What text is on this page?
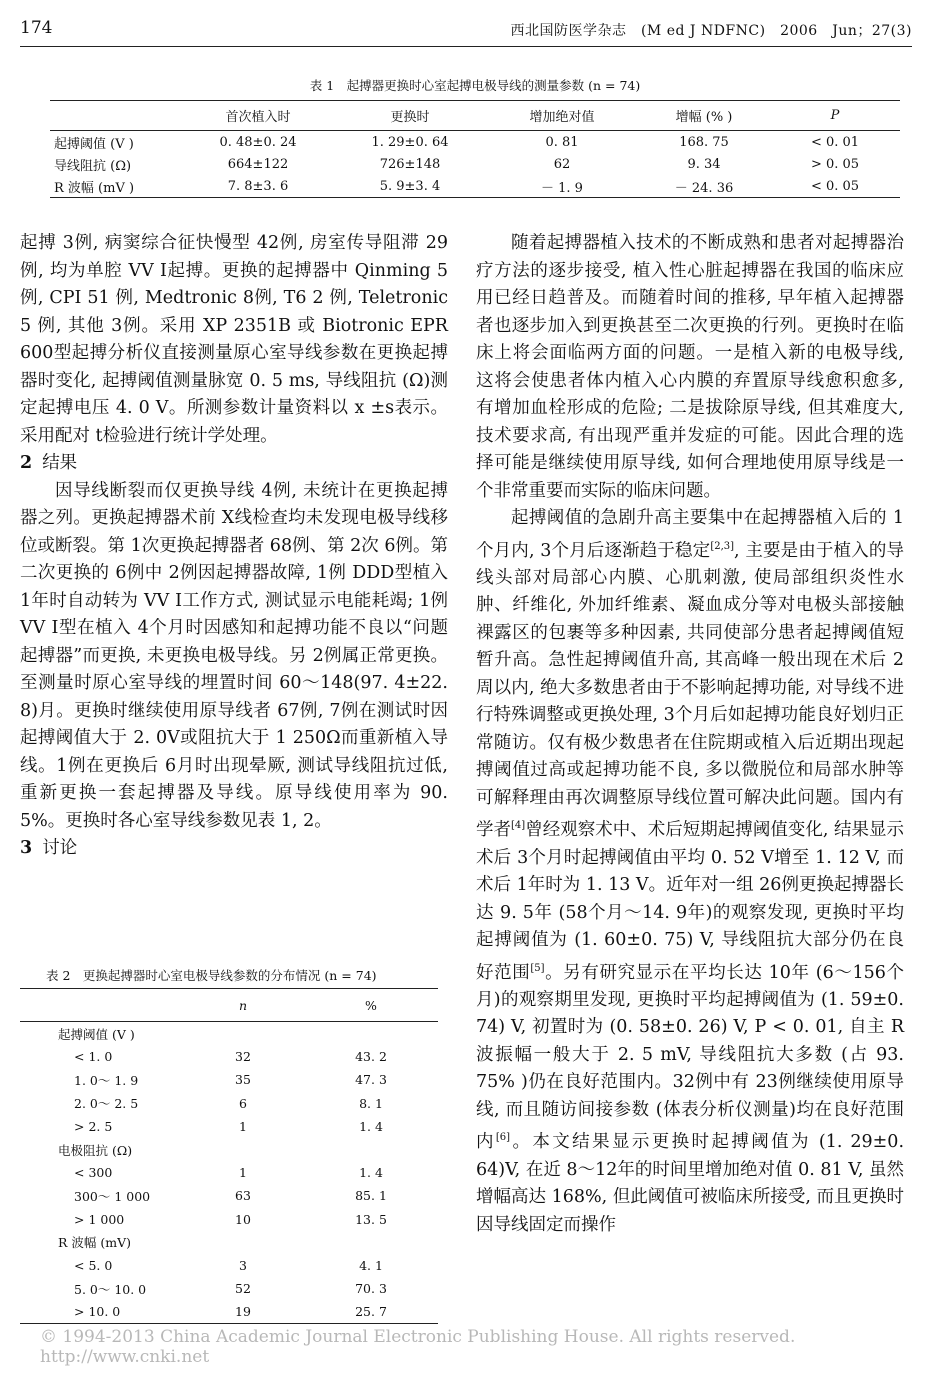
174	西北国防医学杂志　(M ed J NDFNC)　2006　Jun；27(3)
表 1　起搏器更换时心室起搏电极导线的测量参数 (n = 74)
	首次植入时	更换时	增加绝对值	增幅 (% )	P
起搏阈值 (V )	0. 48±0. 24	1. 29±0. 64	0. 81	168. 75	< 0. 01
导线阻抗 (Ω)	664±122	726±148	62	9. 34	> 0. 05
R 波幅 (mV )	7. 8±3. 6	5. 9±3. 4	－ 1. 9	－ 24. 36	< 0. 05

起搏 3例, 病窦综合征快慢型 42例, 房室传导阻滞 29例, 均为单腔 VV I起搏。更换的起搏器中 Qinming 5 例, CPI 51 例, Medtronic 8例, T6 2 例, Teletronic 5 例, 其他 3例。采用 XP 2351B 或 Biotronic EPR 600型起搏分析仪直接测量原心室导线参数在更换起搏器时变化, 起搏阈值测量脉宽 0. 5 ms, 导线阻抗 (Ω)测定起搏电压 4. 0 V。所测参数计量资料以 x ±s表示。采用配对 t检验进行统计学处理。

2 结果

因导线断裂而仅更换导线 4例, 未统计在更换起搏器之列。更换起搏器术前 X线检查均未发现电极导线移位或断裂。第 1次更换起搏器者 68例、第 2次 6例。第二次更换的 6例中 2例因起搏器故障, 1例 DDD型植入 1年时自动转为 VV I工作方式, 测试显示电能耗竭; 1例 VV I型在植入 4个月时因感知和起搏功能不良以“问题起搏器”而更换, 未更换电极导线。另 2例属正常更换。至测量时原心室导线的埋置时间 60～148(97. 4±22. 8)月。更换时继续使用原导线者 67例, 7例在测试时因起搏阈值大于 2. 0V或阻抗大于 1 250Ω而重新植入导线。1例在更换后 6月时出现晕厥, 测试导线阻抗过低, 重新更换一套起搏器及导线。原导线使用率为 90. 5%。更换时各心室导线参数见表 1, 2。

3 讨论
表 2　更换起搏器时心室电极导线参数的分布情况 (n = 74)
	n	%
起搏阈值 (V )		
< 1. 0	32	43. 2
1. 0～ 1. 9	35	47. 3
2. 0～ 2. 5	6	8. 1
> 2. 5	1	1. 4
电极阻抗 (Ω)		
< 300	1	1. 4
300～ 1 000	63	85. 1
> 1 000	10	13. 5
R 波幅 (mV)		
< 5. 0	3	4. 1
5. 0～ 10. 0	52	70. 3
> 10. 0	19	25. 7

随着起搏器植入技术的不断成熟和患者对起搏器治疗方法的逐步接受, 植入性心脏起搏器在我国的临床应用已经日趋普及。而随着时间的推移, 早年植入起搏器者也逐步加入到更换甚至二次更换的行列。更换时在临床上将会面临两方面的问题。一是植入新的电极导线, 这将会使患者体内植入心内膜的弃置原导线愈积愈多, 有增加血栓形成的危险; 二是拔除原导线, 但其难度大, 技术要求高, 有出现严重并发症的可能。因此合理的选择可能是继续使用原导线, 如何合理地使用原导线是一个非常重要而实际的临床问题。

起搏阈值的急剧升高主要集中在起搏器植入后的 1个月内, 3个月后逐渐趋于稳定[2,3], 主要是由于植入的导线头部对局部心内膜、心肌刺激, 使局部组织炎性水肿、纤维化, 外加纤维素、凝血成分等对电极头部接触裸露区的包裹等多种因素, 共同使部分患者起搏阈值短暂升高。急性起搏阈值升高, 其高峰一般出现在术后 2周以内, 绝大多数患者由于不影响起搏功能, 对导线不进行特殊调整或更换处理, 3个月后如起搏功能良好划归正常随访。仅有极少数患者在住院期或植入后近期出现起搏阈值过高或起搏功能不良, 多以微脱位和局部水肿等可解释理由再次调整原导线位置可解决此问题。国内有学者[4]曾经观察术中、术后短期起搏阈值变化, 结果显示术后 3个月时起搏阈值由平均 0. 52 V增至 1. 12 V, 而术后 1年时为 1. 13 V。近年对一组 26例更换起搏器长达 9. 5年 (58个月～14. 9年)的观察发现, 更换时平均起搏阈值为 (1. 60±0. 75) V, 导线阻抗大部分仍在良好范围[5]。另有研究显示在平均长达 10年 (6～156个月)的观察期里发现, 更换时平均起搏阈值为 (1. 59±0. 74) V, 初置时为 (0. 58±0. 26) V, P < 0. 01, 自主 R波振幅一般大于 2. 5 mV, 导线阻抗大多数 (占 93. 75% )仍在良好范围内。32例中有 23例继续使用原导线, 而且随访间接参数 (体表分析仪测量)均在良好范围内[6]。本文结果显示更换时起搏阈值为 (1. 29±0. 64)V, 在近 8～12年的时间里增加绝对值 0. 81 V, 虽然增幅高达 168%, 但此阈值可被临床所接受, 而且更换时因导线固定而操作

© 1994-2013 China Academic Journal Electronic Publishing House. All rights reserved.　http://www.cnki.net
